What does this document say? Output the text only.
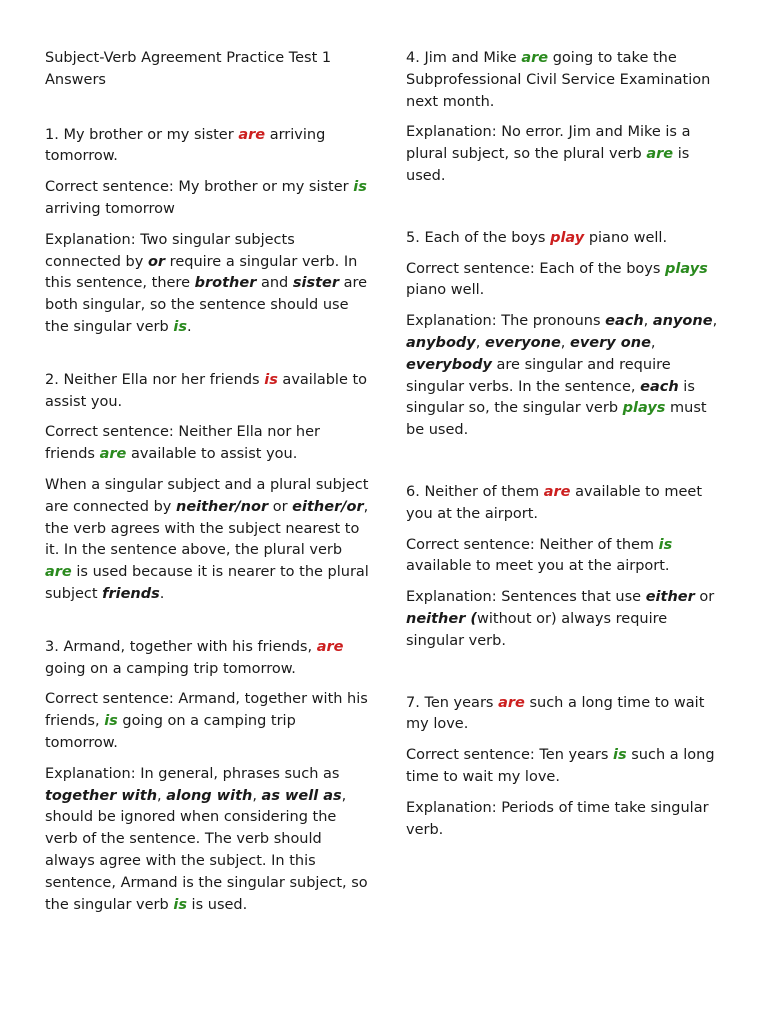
Subject-Verb Agreement Practice Test 1
Answers

1. My brother or my sister are arriving tomorrow.

Correct sentence: My brother or my sister is arriving tomorrow

Explanation: Two singular subjects connected by or require a singular verb. In this sentence, there brother and sister are both singular, so the sentence should use the singular verb is.

2. Neither Ella nor her friends is available to assist you.

Correct sentence: Neither Ella nor her friends are available to assist you.

When a singular subject and a plural subject are connected by neither/nor or either/or, the verb agrees with the subject nearest to it. In the sentence above, the plural verb are is used because it is nearer to the plural subject friends.

3. Armand, together with his friends, are going on a camping trip tomorrow.

Correct sentence: Armand, together with his friends, is going on a camping trip tomorrow.

Explanation: In general, phrases such as together with, along with, as well as, should be ignored when considering the verb of the sentence. The verb should always agree with the subject. In this sentence, Armand is the singular subject, so the singular verb is is used.

4. Jim and Mike are going to take the Subprofessional Civil Service Examination next month.

Explanation: No error. Jim and Mike is a plural subject, so the plural verb are is used.

5. Each of the boys play piano well.

Correct sentence: Each of the boys plays piano well.

Explanation: The pronouns each, anyone, anybody, everyone, every one, everybody are singular and require singular verbs. In the sentence, each is singular so, the singular verb plays must be used.

6. Neither of them are available to meet you at the airport.

Correct sentence: Neither of them is available to meet you at the airport.

Explanation: Sentences that use either or neither (without or) always require singular verb.

7. Ten years are such a long time to wait my love.

Correct sentence: Ten years is such a long time to wait my love.

Explanation: Periods of time take singular verb.
